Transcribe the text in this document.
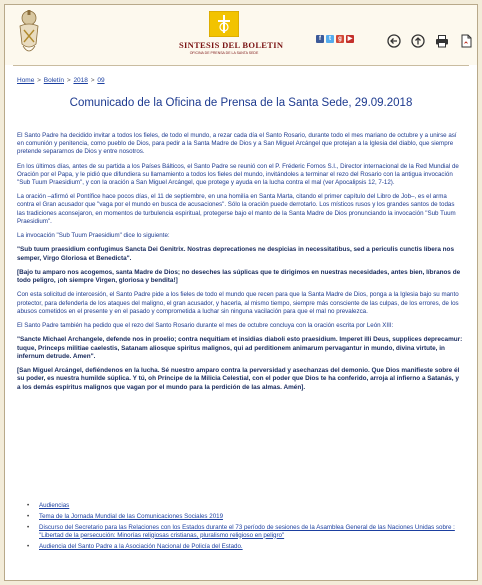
SINTESIS DEL BOLETIN
OFICINA DE PRENSA DE LA SANTA SEDE
f	t	g ▶
Home > Boletín > 2018 > 09
Comunicado de la Oficina de Prensa de la Santa Sede, 29.09.2018

El Santo Padre ha decidido invitar a todos los fieles, de todo el mundo, a rezar cada día el Santo Rosario, durante todo el mes mariano de octubre y a unirse así en comunión y penitencia, como pueblo de Dios, para pedir a la Santa Madre de Dios y a San Miguel Arcángel que protejan a la Iglesia del diablo, que siempre pretende separarnos de Dios y entre nosotros.

En los últimos días, antes de su partida a los Países Bálticos, el Santo Padre se reunió con el P. Fréderic Fornos S.I., Director internacional de la Red Mundial de Oración por el Papa, y le pidió que difundiera su llamamiento a todos los fieles del mundo, invitándoles a terminar el rezo del Rosario con la antigua invocación "Sub Tuum Praesidium", y con la oración a San Miguel Arcángel, que protege y ayuda en la lucha contra el mal (ver Apocalipsis 12, 7-12).

La oración –afirmó el Pontífice hace pocos días, el 11 de septiembre, en una homilía en Santa Marta, citando el primer capítulo del Libro de Job–, es el arma contra el Gran acusador que "vaga por el mundo en busca de acusaciones". Sólo la oración puede derrotarlo. Los místicos rusos y los grandes santos de todas las tradiciones aconsejaron, en momentos de turbulencia espiritual, protegerse bajo el manto de la Santa Madre de Dios pronunciando la invocación "Sub Tuum Praesidium".

La invocación "Sub Tuum Praesidium" dice lo siguiente:

"Sub tuum praesidium confugimus Sancta Dei Genitrix. Nostras deprecationes ne despicias in necessitatibus, sed a periculis cunctis libera nos semper, Virgo Gloriosa et Benedicta".

[Bajo tu amparo nos acogemos, santa Madre de Dios; no deseches las súplicas que te dirigimos en nuestras necesidades, antes bien, líbranos de todo peligro, ¡oh siempre Virgen, gloriosa y bendita!]

Con esta solicitud de intercesión, el Santo Padre pide a los fieles de todo el mundo que recen para que la Santa Madre de Dios, ponga a la Iglesia bajo su manto protector, para defenderla de los ataques del maligno, el gran acusador, y hacerla, al mismo tiempo, siempre más consciente de las culpas, de los errores, de los abusos cometidos en el presente y en el pasado y comprometida a luchar sin ninguna vacilación para que el mal no prevalezca.

El Santo Padre también ha pedido que el rezo del Santo Rosario durante el mes de octubre concluya con la oración escrita por León XIII:

"Sancte Michael Archangele, defende nos in proelio; contra nequitiam et insidias diaboli esto praesidium. Imperet illi Deus, supplices deprecamur: tuque, Princeps militiae caelestis, Satanam aliosque spiritus malignos, qui ad perditionem animarum pervagantur in mundo, divina virtute, in infernum detrude. Amen".

[San Miguel Arcángel, defiéndenos en la lucha. Sé nuestro amparo contra la perversidad y asechanzas del demonio. Que Dios manifieste sobre él su poder, es nuestra humilde súplica. Y tú, oh Príncipe de la Milicia Celestial, con el poder que Dios te ha conferido, arroja al infierno a Satanás, y a los demás espíritus malignos que vagan por el mundo para la perdición de las almas. Amén].

• Audiencias
• Tema de la Jornada Mundial de las Comunicaciones Sociales 2019
• Discurso del Secretario para las Relaciones con los Estados durante el 73 período de sesiones de la Asamblea General de las Naciones Unidas sobre : "Libertad de la persecución: Minorías religiosas cristianas, pluralismo religioso en peligro"
• Audiencia del Santo Padre a la Asociación Nacional de Policía del Estado.
